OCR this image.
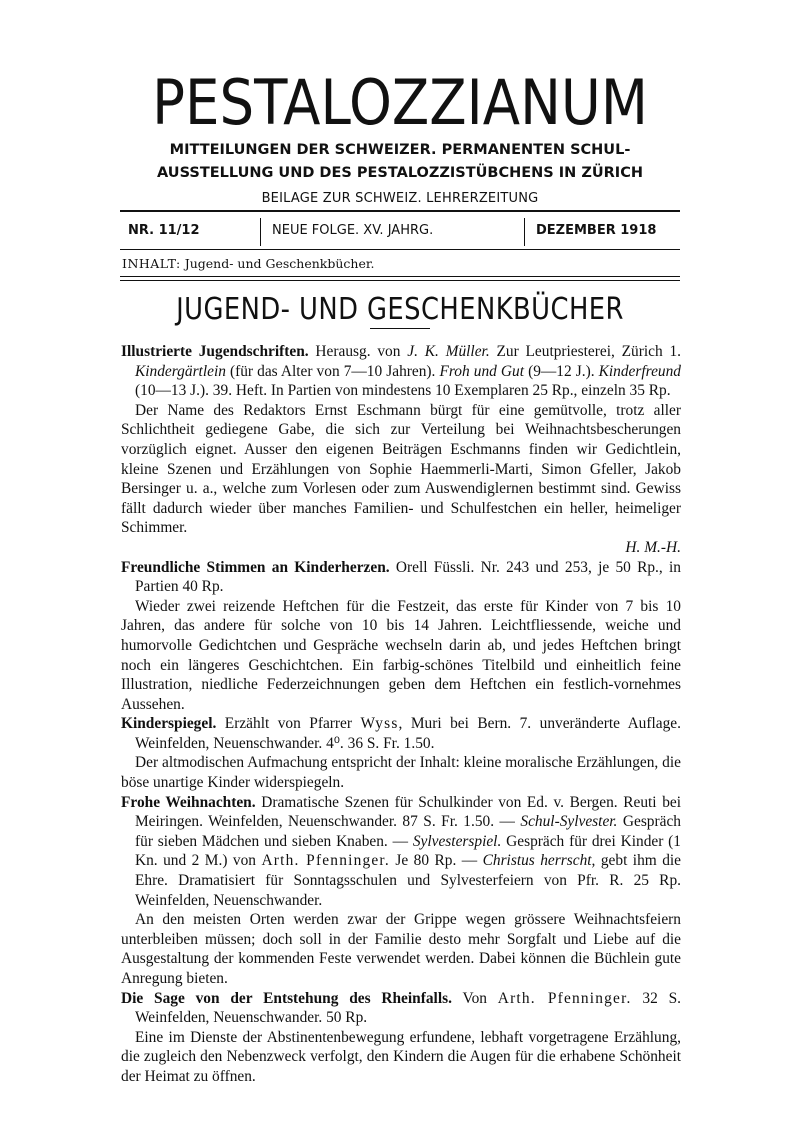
PESTALOZZIANUM
MITTEILUNGEN DER SCHWEIZER. PERMANENTEN SCHUL-
AUSSTELLUNG UND DES PESTALOZZISTÜBCHENS IN ZÜRICH
BEILAGE ZUR SCHWEIZ. LEHRERZEITUNG
NR. 11/12	NEUE FOLGE. XV. JAHRG.	DEZEMBER 1918
INHALT: Jugend- und Geschenkbücher.
JUGEND- UND GESCHENKBÜCHER

Illustrierte Jugendschriften. Herausg. von J. K. Müller. Zur Leutpriesterei, Zürich 1. Kindergärtlein (für das Alter von 7—10 Jahren). Froh und Gut (9—12 J.). Kinderfreund (10—13 J.). 39. Heft. In Partien von mindestens 10 Exemplaren 25 Rp., einzeln 35 Rp.

Der Name des Redaktors Ernst Eschmann bürgt für eine gemütvolle, trotz aller Schlichtheit gediegene Gabe, die sich zur Verteilung bei Weihnachtsbescherungen vorzüglich eignet. Ausser den eigenen Beiträgen Eschmanns finden wir Gedichtlein, kleine Szenen und Erzählungen von Sophie Haemmerli-Marti, Simon Gfeller, Jakob Bersinger u. a., welche zum Vorlesen oder zum Auswendiglernen bestimmt sind. Gewiss fällt dadurch wieder über manches Familien- und Schulfestchen ein heller, heimeliger Schimmer.

H. M.-H.

Freundliche Stimmen an Kinderherzen. Orell Füssli. Nr. 243 und 253, je 50 Rp., in Partien 40 Rp.

Wieder zwei reizende Heftchen für die Festzeit, das erste für Kinder von 7 bis 10 Jahren, das andere für solche von 10 bis 14 Jahren. Leichtfliessende, weiche und humorvolle Gedichtchen und Gespräche wechseln darin ab, und jedes Heftchen bringt noch ein längeres Geschichtchen. Ein farbig-schönes Titelbild und einheitlich feine Illustration, niedliche Federzeichnungen geben dem Heftchen ein festlich-vornehmes Aussehen.

Kinderspiegel. Erzählt von Pfarrer Wyss, Muri bei Bern. 7. unveränderte Auflage. Weinfelden, Neuenschwander. 4⁰. 36 S. Fr. 1.50.

Der altmodischen Aufmachung entspricht der Inhalt: kleine moralische Erzählungen, die böse unartige Kinder widerspiegeln.

Frohe Weihnachten. Dramatische Szenen für Schulkinder von Ed. v. Bergen. Reuti bei Meiringen. Weinfelden, Neuenschwander. 87 S. Fr. 1.50. — Schul-Sylvester. Gespräch für sieben Mädchen und sieben Knaben. — Sylvesterspiel. Gespräch für drei Kinder (1 Kn. und 2 M.) von Arth. Pfenninger. Je 80 Rp. — Christus herrscht, gebt ihm die Ehre. Dramatisiert für Sonntagsschulen und Sylvesterfeiern von Pfr. R. 25 Rp. Weinfelden, Neuenschwander.

An den meisten Orten werden zwar der Grippe wegen grössere Weihnachtsfeiern unterbleiben müssen; doch soll in der Familie desto mehr Sorgfalt und Liebe auf die Ausgestaltung der kommenden Feste verwendet werden. Dabei können die Büchlein gute Anregung bieten.

Die Sage von der Entstehung des Rheinfalls. Von Arth. Pfenninger. 32 S. Weinfelden, Neuenschwander. 50 Rp.

Eine im Dienste der Abstinentenbewegung erfundene, lebhaft vorgetragene Erzählung, die zugleich den Nebenzweck verfolgt, den Kindern die Augen für die erhabene Schönheit der Heimat zu öffnen.
